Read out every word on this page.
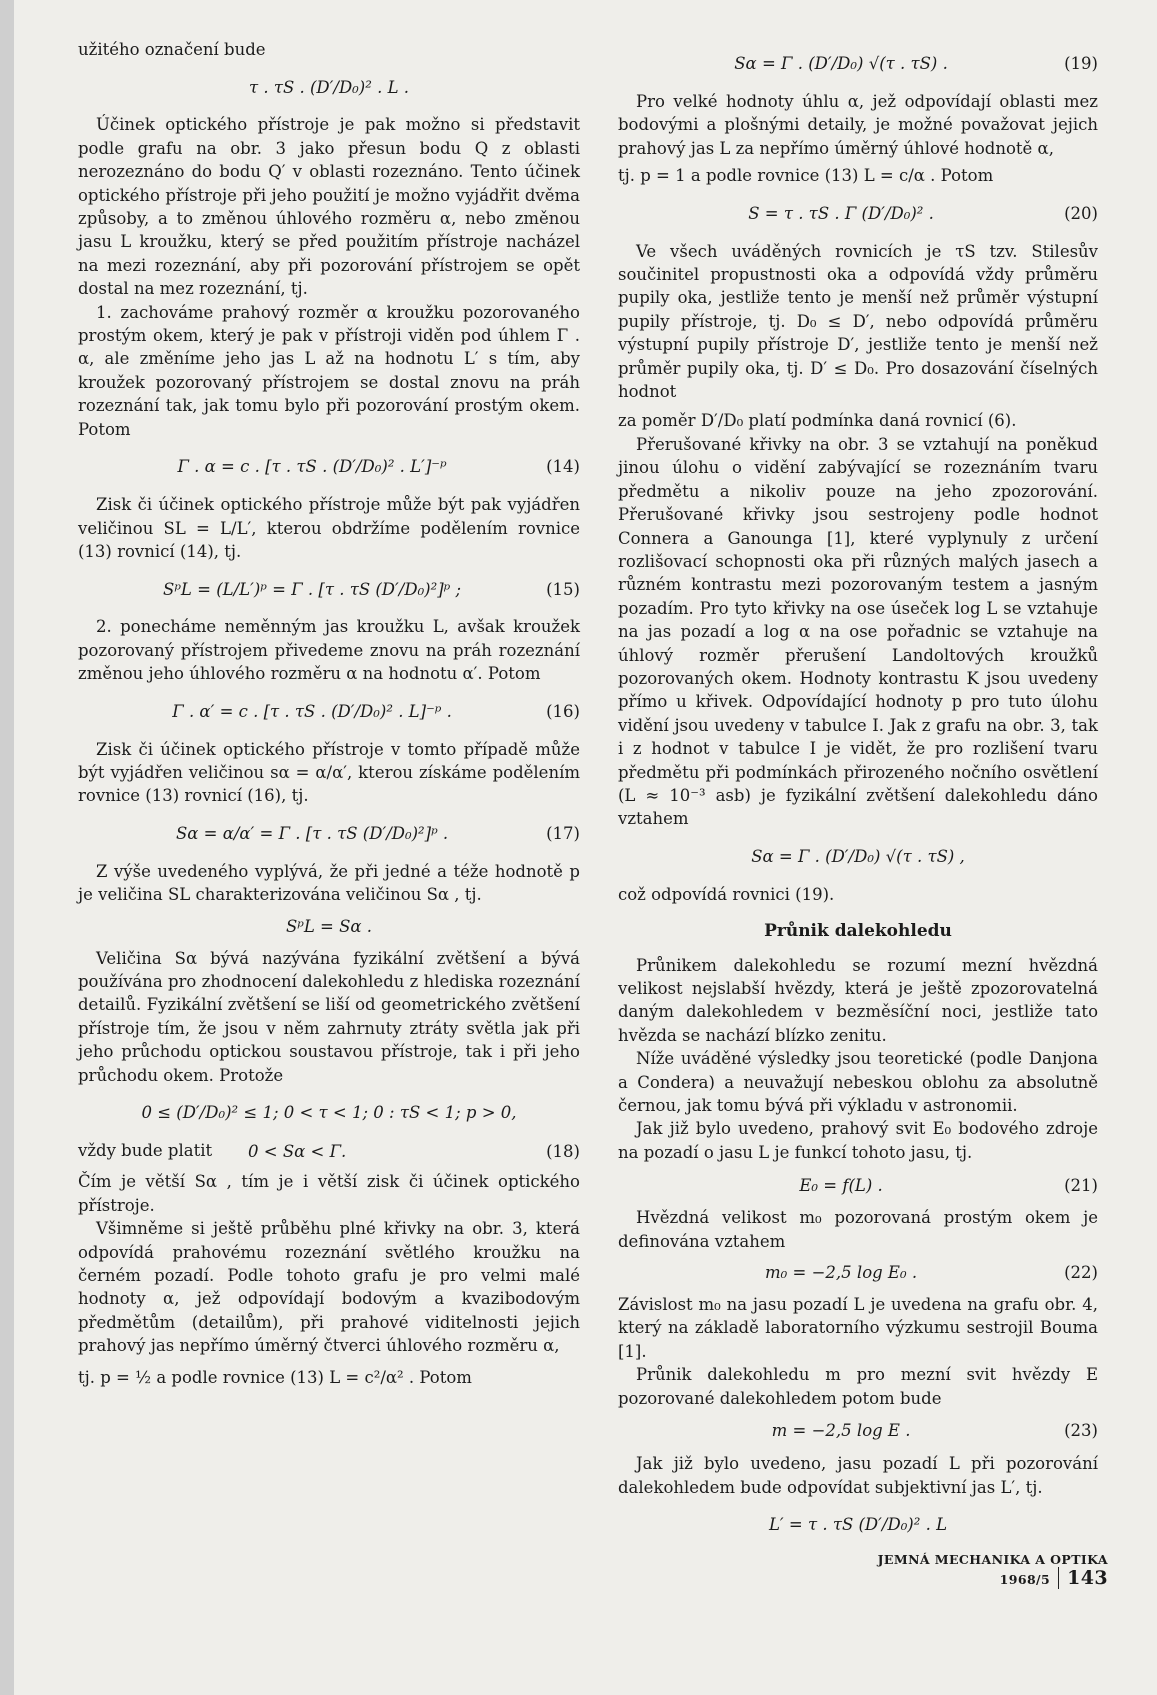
užitého označení bude

τ . τS . (D′/D₀)² . L .

Účinek optického přístroje je pak možno si představit podle grafu na obr. 3 jako přesun bodu Q z oblasti nerozeznáno do bodu Q′ v oblasti rozeznáno. Tento účinek optického přístroje při jeho použití je možno vyjádřit dvěma způsoby, a to změnou úhlového rozměru α, nebo změnou jasu L kroužku, který se před použitím přístroje nacházel na mezi rozeznání, aby při pozorování přístrojem se opět dostal na mez rozeznání, tj.

1. zachováme prahový rozměr α kroužku pozorovaného prostým okem, který je pak v přístroji viděn pod úhlem Γ . α, ale změníme jeho jas L až na hodnotu L′ s tím, aby kroužek pozorovaný přístrojem se dostal znovu na práh rozeznání tak, jak tomu bylo při pozorování prostým okem. Potom

Γ . α = c . [τ . τS . (D′/D₀)² . L′]⁻ᵖ	(14)

Zisk či účinek optického přístroje může být pak vyjádřen veličinou SL = L/L′, kterou obdržíme podělením rovnice (13) rovnicí (14), tj.

SᵖL = (L/L′)ᵖ = Γ . [τ . τS (D′/D₀)²]ᵖ ;	(15)

2. ponecháme neměnným jas kroužku L, avšak kroužek pozorovaný přístrojem přivedeme znovu na práh rozeznání změnou jeho úhlového rozměru α na hodnotu α′. Potom

Γ . α′ = c . [τ . τS . (D′/D₀)² . L]⁻ᵖ .	(16)

Zisk či účinek optického přístroje v tomto případě může být vyjádřen veličinou sα = α/α′, kterou získáme podělením rovnice (13) rovnicí (16), tj.

Sα = α/α′ = Γ . [τ . τS (D′/D₀)²]ᵖ .	(17)

Z výše uvedeného vyplývá, že při jedné a téže hodnotě p je veličina SL charakterizována veličinou Sα , tj.

SᵖL = Sα .

Veličina Sα bývá nazývána fyzikální zvětšení a bývá používána pro zhodnocení dalekohledu z hlediska rozeznání detailů. Fyzikální zvětšení se liší od geometrického zvětšení přístroje tím, že jsou v něm zahrnuty ztráty světla jak při jeho průchodu optickou soustavou přístroje, tak i při jeho průchodu okem. Protože

0 ≤ (D′/D₀)² ≤ 1; 0 < τ < 1; 0 : τS < 1; p > 0,

vždy bude platit	0 < Sα < Γ.	(18)

Čím je větší Sα , tím je i větší zisk či účinek optického přístroje.

Všimněme si ještě průběhu plné křivky na obr. 3, která odpovídá prahovému rozeznání světlého kroužku na černém pozadí. Podle tohoto grafu je pro velmi malé hodnoty α, jež odpovídají bodovým a kvazibodovým předmětům (detailům), při prahové viditelnosti jejich prahový jas nepřímo úměrný čtverci úhlového rozměru α,

tj. p = ½ a podle rovnice (13) L = c²/α² . Potom

Sα = Γ . (D′/D₀) √(τ . τS) .	(19)

Pro velké hodnoty úhlu α, jež odpovídají oblasti mez bodovými a plošnými detaily, je možné považovat jejich prahový jas L za nepřímo úměrný úhlové hodnotě α,

tj. p = 1 a podle rovnice (13) L = c/α . Potom

S = τ . τS . Γ (D′/D₀)² .	(20)

Ve všech uváděných rovnicích je τS tzv. Stilesův součinitel propustnosti oka a odpovídá vždy průměru pupily oka, jestliže tento je menší než průměr výstupní pupily přístroje, tj. D₀ ≤ D′, nebo odpovídá průměru výstupní pupily přístroje D′, jestliže tento je menší než průměr pupily oka, tj. D′ ≤ D₀. Pro dosazování číselných hodnot

za poměr D′/D₀ platí podmínka daná rovnicí (6).

Přerušované křivky na obr. 3 se vztahují na poněkud jinou úlohu o vidění zabývající se rozeznáním tvaru předmětu a nikoliv pouze na jeho zpozorování. Přerušované křivky jsou sestrojeny podle hodnot Connera a Ganounga [1], které vyplynuly z určení rozlišovací schopnosti oka při různých malých jasech a různém kontrastu mezi pozorovaným testem a jasným pozadím. Pro tyto křivky na ose úseček log L se vztahuje na jas pozadí a log α na ose pořadnic se vztahuje na úhlový rozměr přerušení Landoltových kroužků pozorovaných okem. Hodnoty kontrastu K jsou uvedeny přímo u křivek. Odpovídající hodnoty p pro tuto úlohu vidění jsou uvedeny v tabulce I. Jak z grafu na obr. 3, tak i z hodnot v tabulce I je vidět, že pro rozlišení tvaru předmětu při podmínkách přirozeného nočního osvětlení (L ≈ 10⁻³ asb) je fyzikální zvětšení dalekohledu dáno vztahem

Sα = Γ . (D′/D₀) √(τ . τS) ,

což odpovídá rovnici (19).

Průnik dalekohledu

Průnikem dalekohledu se rozumí mezní hvězdná velikost nejslabší hvězdy, která je ještě zpozorovatelná daným dalekohledem v bezměsíční noci, jestliže tato hvězda se nachází blízko zenitu.

Níže uváděné výsledky jsou teoretické (podle Danjona a Condera) a neuvažují nebeskou oblohu za absolutně černou, jak tomu bývá při výkladu v astronomii.

Jak již bylo uvedeno, prahový svit E₀ bodového zdroje na pozadí o jasu L je funkcí tohoto jasu, tj.

E₀ = f(L) .	(21)

Hvězdná velikost m₀ pozorovaná prostým okem je definována vztahem

m₀ = −2,5 log E₀ .	(22)

Závislost m₀ na jasu pozadí L je uvedena na grafu obr. 4, který na základě laboratorního výzkumu sestrojil Bouma [1].

Průnik dalekohledu m pro mezní svit hvězdy E pozorované dalekohledem potom bude

m = −2,5 log E .	(23)

Jak již bylo uvedeno, jasu pozadí L při pozorování dalekohledem bude odpovídat subjektivní jas L′, tj.

L′ = τ . τS (D′/D₀)² . L
JEMNÁ MECHANIKA A OPTIKA 1968/5 143
